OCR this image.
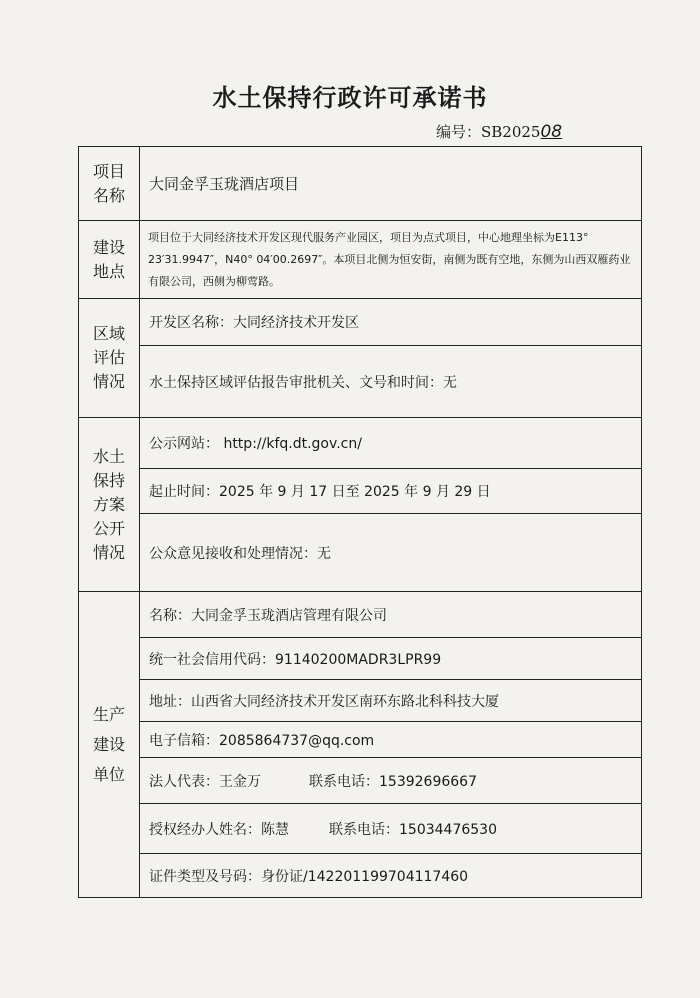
水土保持行政许可承诺书
编号：SB202508
项目
名称	大同金孚玉珑酒店项目

建设
地点	项目位于大同经济技术开发区现代服务产业园区，项目为点式项目，中心地理坐标为E113° 23′31.9947″，N40° 04′00.2697″。本项目北侧为恒安街，南侧为既有空地，东侧为山西双雁药业有限公司，西侧为柳莺路。

区域
评估
情况	开发区名称：大同经济技术开发区
	水土保持区域评估报告审批机关、文号和时间：无

水土
保持
方案
公开
情况	公示网站： http://kfq.dt.gov.cn/
	起止时间：2025 年 9 月 17 日至 2025 年 9 月 29 日
	公众意见接收和处理情况：无

生产
建设
单位	名称：大同金孚玉珑酒店管理有限公司
	统一社会信用代码：91140200MADR3LPR99
	地址：山西省大同经济技术开发区南环东路北科科技大厦
	电子信箱：2085864737@qq.com
	法人代表：王金万 联系电话：15392696667
	授权经办人姓名：陈慧 联系电话：15034476530
	证件类型及号码：身份证/142201199704117460
